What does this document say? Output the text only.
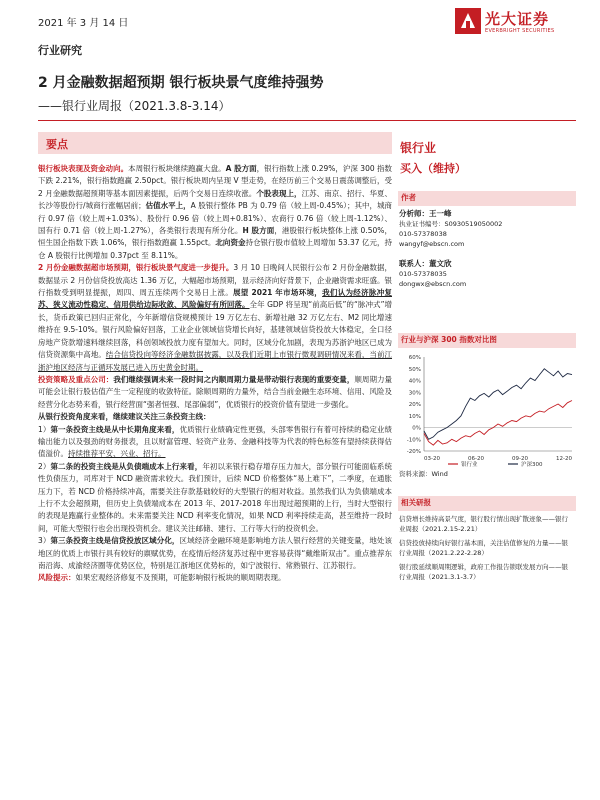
2021 年 3 月 14 日	光大证券
EVERBRIGHT SECURITIES
行业研究
2 月金融数据超预期 银行板块景气度维持强势
——银行业周报（2021.3.8-3.14）
要点

银行板块表现及资金动向。本周银行板块继续跑赢大盘。A 股方面，银行指数上涨 0.29%，沪深 300 指数下跌 2.21%，银行指数跑赢 2.50pct。银行板块周内呈现 V 型走势，在经历前三个交易日震荡调整后，受 2 月金融数据超预期等基本面因素提振，后两个交易日连续收涨。个股表现上，江苏、南京、招行、华夏、长沙等股份行/城商行涨幅居前；估值水平上，A 股银行整体 PB 为 0.79 倍（较上周-0.45%）；其中，城商行 0.97 倍（较上周+1.03%）、股份行 0.96 倍（较上周+0.81%）、农商行 0.76 倍（较上周-1.12%）、国有行 0.71 倍（较上周-1.27%），各类银行表现有所分化。H 股方面，港股银行板块整体上涨 0.50%，恒生国企指数下跌 1.06%，银行指数跑赢 1.55pct。北向资金持仓银行股市值较上周增加 53.37 亿元，持仓 A 股银行比例增加 0.37pct 至 8.11%。

2 月份金融数据超市场预期，银行板块景气度进一步提升。3 月 10 日晚间人民银行公布 2 月份金融数据，数据显示 2 月份信贷投放高达 1.36 万亿，大幅超市场预期，显示经济向好背景下，企业融资需求旺盛。银行指数受到明显提振，周四、周五连续两个交易日上涨。展望 2021 年市场环境，我们认为经济脉冲复苏、狭义流动性稳定、信用供给边际收敛、风险偏好有所回落。全年 GDP 将呈现“前高后低”的“脉冲式”增长，货币政策已回归正常化，今年新增信贷规模预计 19 万亿左右、新增社融 32 万亿左右、M2 同比增速维持在 9.5-10%。银行风险偏好回落，工业企业领域信贷增长向好，基建领域信贷投放大体稳定，全口径房地产贷款增速料继续回落，科创领域投放力度有望加大。同时，区域分化加剧，表现为苏浙沪地区已成为信贷资源集中高地。结合信贷投向等经济金融数据披露，以及我们近期上市银行微观调研情况来看，当前江浙沪地区经济与正循环发展已进入历史黄金时期。

投资策略及重点公司：我们继续强调未来一段时间之内顺周期力量是带动银行表现的重要变量，顺周期力量可能会让银行股估值产生一定程度的收敛特征。除顺周期的力量外，结合当前金融生态环境、信用、风险及经营分化态势来看，银行经营面“强者恒强、尾部偏弱”，优质银行的投资价值有望进一步强化。

从银行投资角度来看，继续建议关注三条投资主线：

1）第一条投资主线是从中长期角度来看，优质银行业绩确定性更强，头部零售银行有着可持续的稳定业绩输出能力以及强劲的财务报表，且以财富管理、轻资产业务、金融科技等为代表的特色标签有望持续获得估值溢价。持续推荐平安、兴业、招行。

2）第二条的投资主线是从负债端成本上行来看，年初以来银行稳存增存压力加大，部分银行可能面临系统性负债压力，司库对于 NCD 融资需求较大。我们预计，后续 NCD 价格整体“易上难下”，二季度，在通胀压力下，若 NCD 价格持续冲高，需要关注存款基础较好的大型银行的相对收益。虽然我们认为负债端成本上行不太会超预期，但历史上负债端成本在 2013 年、2017-2018 年出现过超预期的上行，当时大型银行的表现是跑赢行业整体的。未来需要关注 NCD 利率变化情况，如果 NCD 利率持续走高，甚至维持一段时间，可能大型银行也会出现投资机会。建议关注邮储、建行、工行等大行的投资机会。

3）第三条投资主线是信贷投放区域分化，区域经济金融环境是影响地方法人银行经营的关键变量，地处该地区的优质上市银行具有较好的禀赋优势，在疫情后经济复苏过程中更容易获得“戴维斯双击”。重点推荐东南沿海、成渝经济圈等优势区位，特别是江浙地区优势标的，如宁波银行、常熟银行、江苏银行。

风险提示：如果宏观经济修复不及预期，可能影响银行板块的顺周期表现。

银行业
买入（维持）
作者
分析师：王一峰
执业证书编号：S0930519050002
010-57378038
wangyf@ebscn.com
联系人：董文欣
010-57378035
dongwx@ebscn.com
行业与沪深 300 指数对比图
60%
50%
40%
30%
20%
10%
0%
-10%
-20%
03-20	06-20	09-20	12-20
银行业	沪深300
资料来源：Wind
相关研报
信贷增长维持高景气度，银行股行情出现扩散迹象——银行业周报（2021.2.15-2.21）
信贷投放持续向好银行基本面，关注估值修复的力量——银行业周报（2021.2.22-2.28）
银行股延续顺周期逻辑，政府工作报告锁联发展方向——银行业周报（2021.3.1-3.7）
